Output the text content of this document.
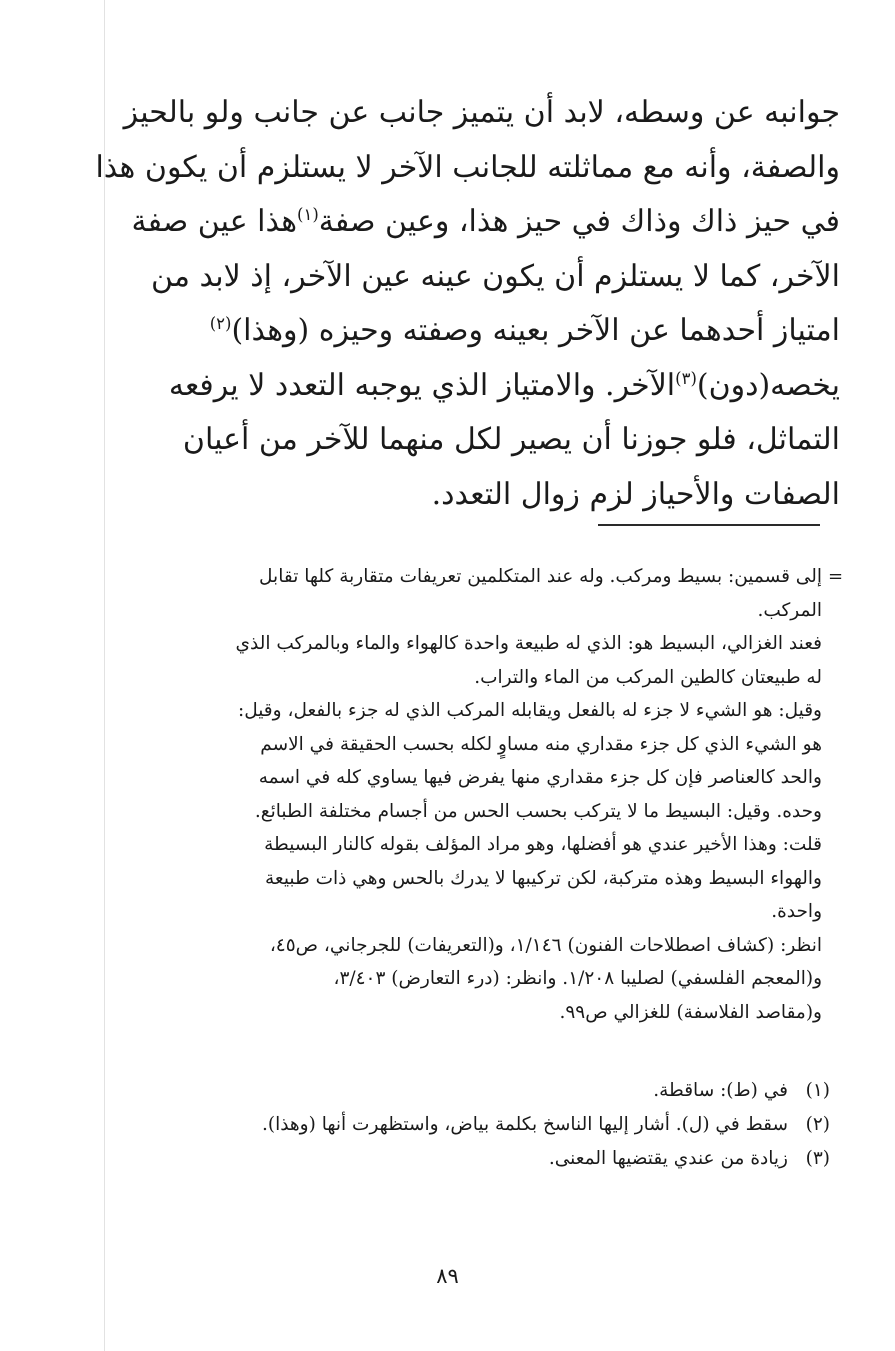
جوانبه عن وسطه، لابد أن يتميز جانب عن جانب ولو بالحيز
والصفة، وأنه مع مماثلته للجانب الآخر لا يستلزم أن يكون هذا
في حيز ذاك وذاك في حيز هذا، وعين صفة$^{(١)}$هذا عين صفة
الآخر، كما لا يستلزم أن يكون عينه عين الآخر، إذ لابد من
امتياز أحدهما عن الآخر بعينه وصفته وحيزه (وهذا)$^{(٢)}$
يخصه(دون)$^{(٣)}$الآخر. والامتياز الذي يوجبه التعدد لا يرفعه
التماثل، فلو جوزنا أن يصير لكل منهما للآخر من أعيان
الصفات والأحياز لزم زوال التعدد.
=
إلى قسمين: بسيط ومركب. وله عند المتكلمين تعريفات متقاربة كلها تقابل
المركب.
فعند الغزالي، البسيط هو: الذي له طبيعة واحدة كالهواء والماء وبالمركب الذي
له طبيعتان كالطين المركب من الماء والتراب.
وقيل: هو الشيء لا جزء له بالفعل ويقابله المركب الذي له جزء بالفعل، وقيل:
هو الشيء الذي كل جزء مقداري منه مساوٍ لكله بحسب الحقيقة في الاسم
والحد كالعناصر فإن كل جزء مقداري منها يفرض فيها يساوي كله في اسمه
وحده. وقيل: البسيط ما لا يتركب بحسب الحس من أجسام مختلفة الطبائع.
قلت: وهذا الأخير عندي هو أفضلها، وهو مراد المؤلف بقوله كالنار البسيطة
والهواء البسيط وهذه متركبة، لكن تركيبها لا يدرك بالحس وهي ذات طبيعة
واحدة.
انظر: (كشاف اصطلاحات الفنون) ١/١٤٦، و(التعريفات) للجرجاني، ص٤٥،
و(المعجم الفلسفي) لصليبا ١/٢٠٨. وانظر: (درء التعارض) ٣/٤٠٣،
و(مقاصد الفلاسفة) للغزالي ص٩٩.
(١)
في (ط): ساقطة.
(٢)
سقط في (ل). أشار إليها الناسخ بكلمة بياض، واستظهرت أنها (وهذا).
(٣)
زيادة من عندي يقتضيها المعنى.
٨٩
